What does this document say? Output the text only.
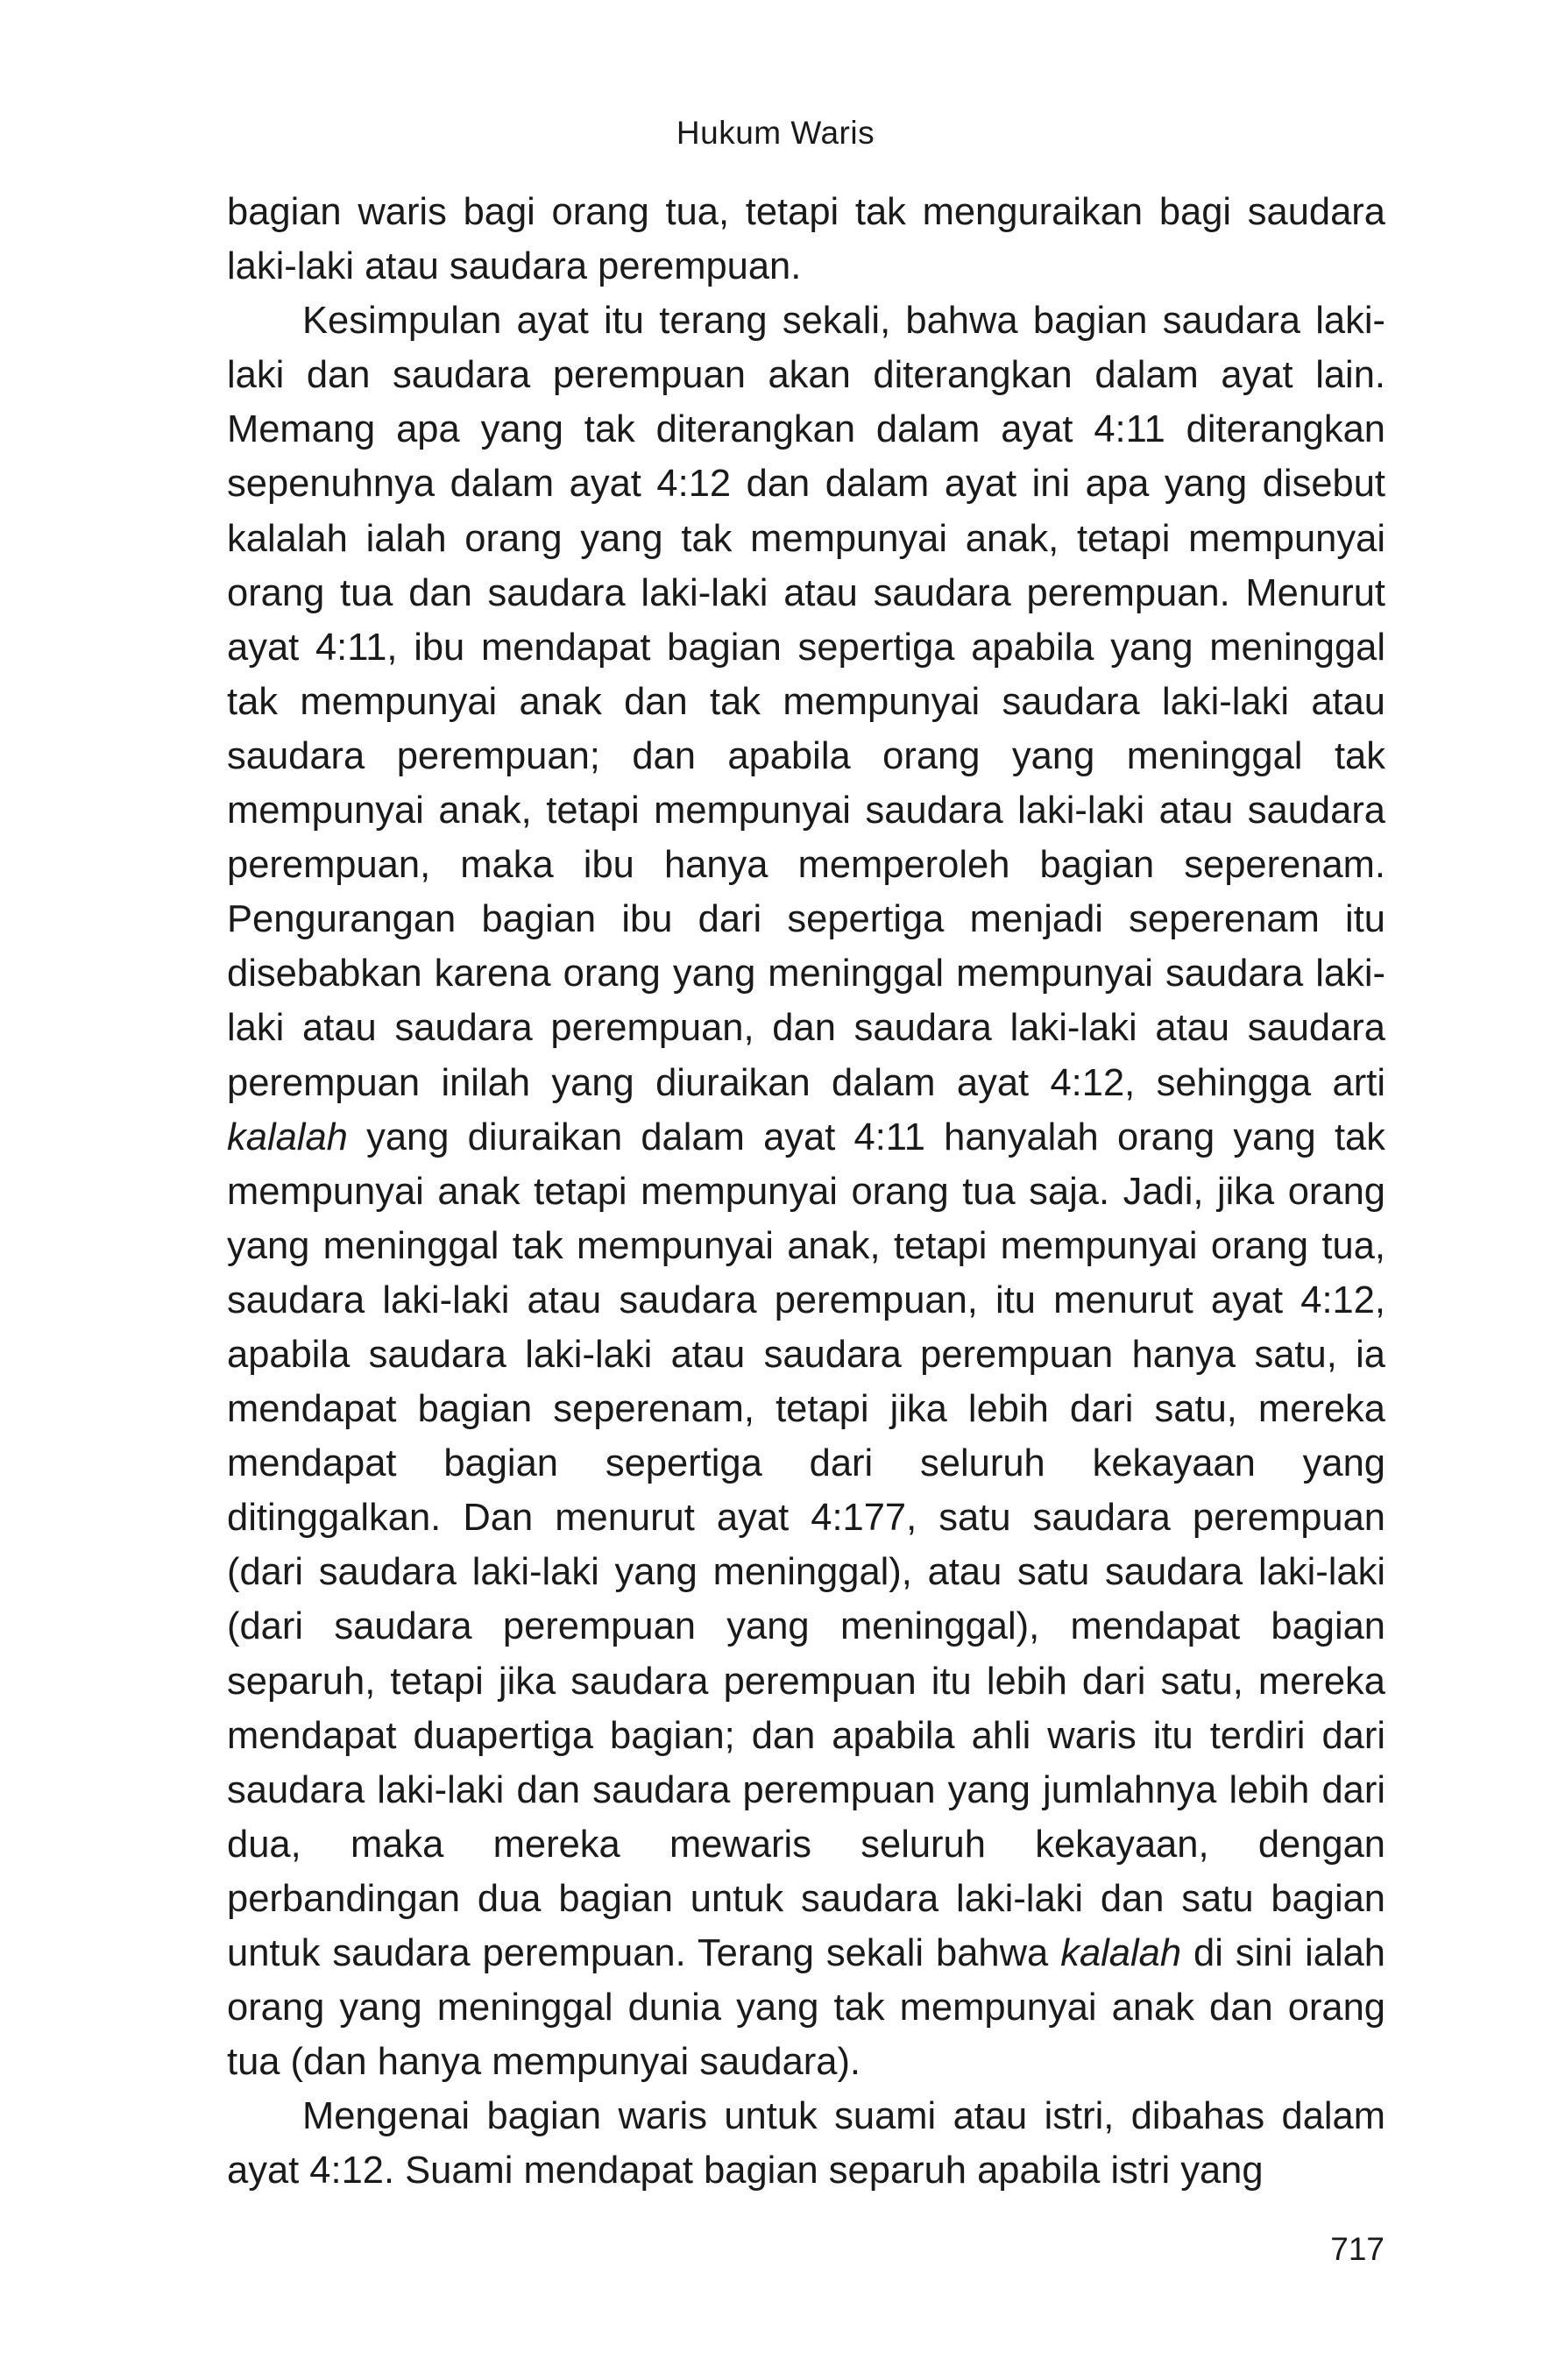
Hukum Waris

bagian waris bagi orang tua, tetapi tak menguraikan bagi saudara laki-laki atau saudara perempuan.

Kesimpulan ayat itu terang sekali, bahwa bagian saudara laki-laki dan saudara perempuan akan diterangkan dalam ayat lain. Memang apa yang tak diterangkan dalam ayat 4:11 diterangkan sepenuhnya dalam ayat 4:12 dan dalam ayat ini apa yang disebut kalalah ialah orang yang tak mempunyai anak, tetapi mempunyai orang tua dan saudara laki-laki atau saudara perempuan. Menurut ayat 4:11, ibu mendapat bagian sepertiga apabila yang meninggal tak mempunyai anak dan tak mempunyai saudara laki-laki atau saudara perempuan; dan apabila orang yang meninggal tak mempunyai anak, tetapi mempunyai saudara laki-laki atau saudara perempuan, maka ibu hanya memperoleh bagian seperenam. Pengurangan bagian ibu dari sepertiga menjadi seperenam itu disebabkan karena orang yang meninggal mempunyai saudara laki-laki atau saudara perempuan, dan saudara laki-laki atau saudara perempuan inilah yang diuraikan dalam ayat 4:12, sehingga arti kalalah yang diuraikan dalam ayat 4:11 hanyalah orang yang tak mempunyai anak tetapi mempunyai orang tua saja. Jadi, jika orang yang meninggal tak mempunyai anak, tetapi mempunyai orang tua, saudara laki-laki atau saudara perempuan, itu menurut ayat 4:12, apabila saudara laki-laki atau saudara perempuan hanya satu, ia mendapat bagian seperenam, tetapi jika lebih dari satu, mereka mendapat bagian sepertiga dari seluruh kekayaan yang ditinggalkan. Dan menurut ayat 4:177, satu saudara perempuan (dari saudara laki-laki yang meninggal), atau satu saudara laki-laki (dari saudara perempuan yang meninggal), mendapat bagian separuh, tetapi jika saudara perempuan itu lebih dari satu, mereka mendapat duapertiga bagian; dan apabila ahli waris itu terdiri dari saudara laki-laki dan saudara perempuan yang jumlahnya lebih dari dua, maka mereka mewaris seluruh kekayaan, dengan perbandingan dua bagian untuk saudara laki-laki dan satu bagian untuk saudara perempuan. Terang sekali bahwa kalalah di sini ialah orang yang meninggal dunia yang tak mempunyai anak dan orang tua (dan hanya mempunyai saudara).

Mengenai bagian waris untuk suami atau istri, dibahas dalam ayat 4:12. Suami mendapat bagian separuh apabila istri yang

717
